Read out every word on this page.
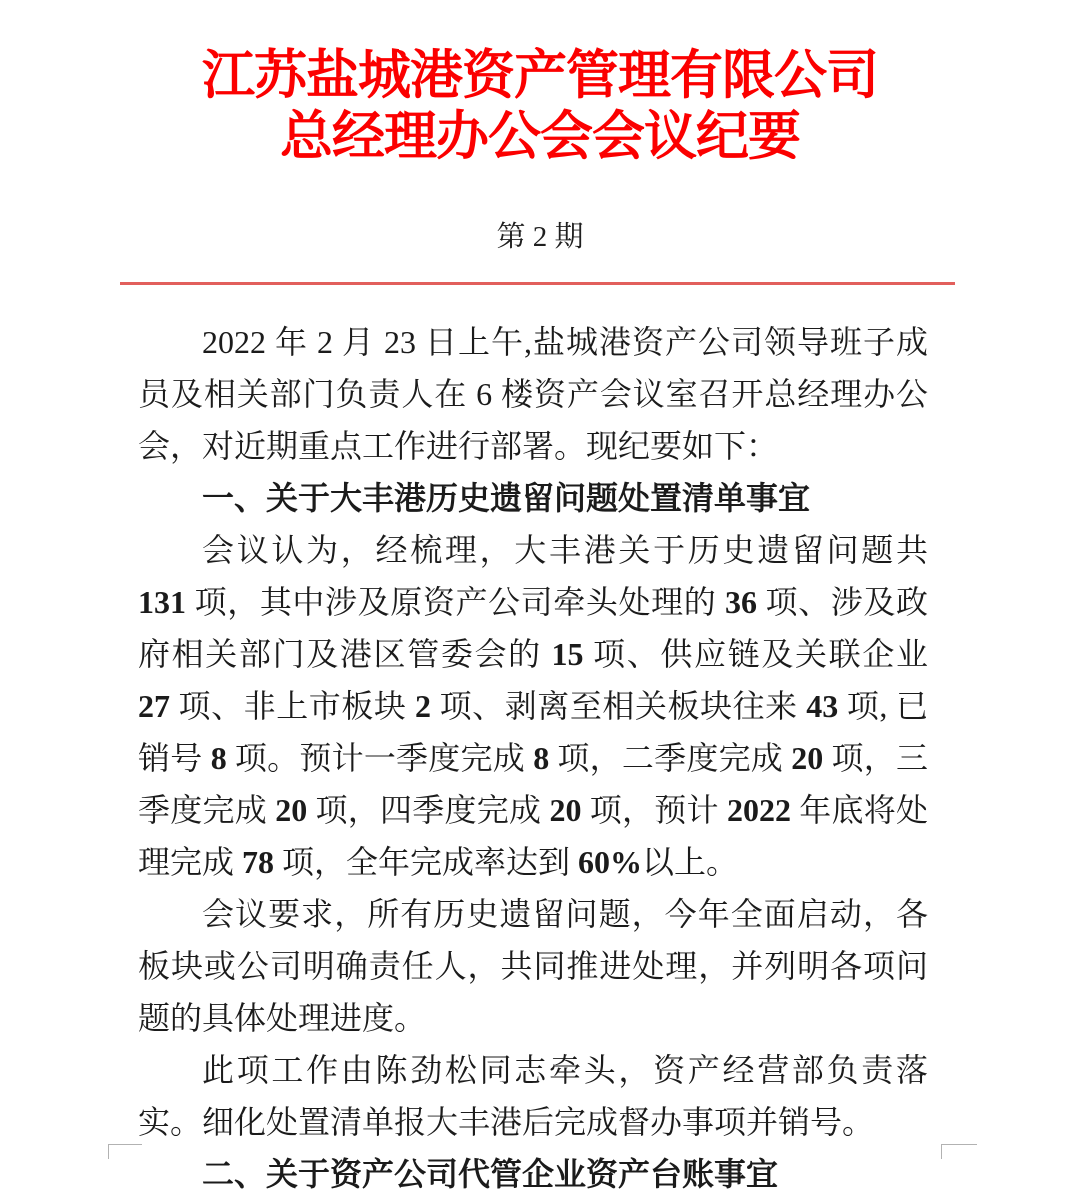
江苏盐城港资产管理有限公司
总经理办公会会议纪要
第 2 期

2022 年 2 月 23 日上午,盐城港资产公司领导班子成员及相关部门负责人在 6 楼资产会议室召开总经理办公会，对近期重点工作进行部署。现纪要如下：

一、关于大丰港历史遗留问题处置清单事宜

会议认为，经梳理，大丰港关于历史遗留问题共 131 项，其中涉及原资产公司牵头处理的 36 项、涉及政府相关部门及港区管委会的 15 项、供应链及关联企业 27 项、非上市板块 2 项、剥离至相关板块往来 43 项, 已销号 8 项。预计一季度完成 8 项，二季度完成 20 项，三季度完成 20 项，四季度完成 20 项，预计 2022 年底将处理完成 78 项，全年完成率达到 60%以上。

会议要求，所有历史遗留问题，今年全面启动，各板块或公司明确责任人，共同推进处理，并列明各项问题的具体处理进度。

此项工作由陈劲松同志牵头，资产经营部负责落实。细化处置清单报大丰港后完成督办事项并销号。

二、关于资产公司代管企业资产台账事宜
